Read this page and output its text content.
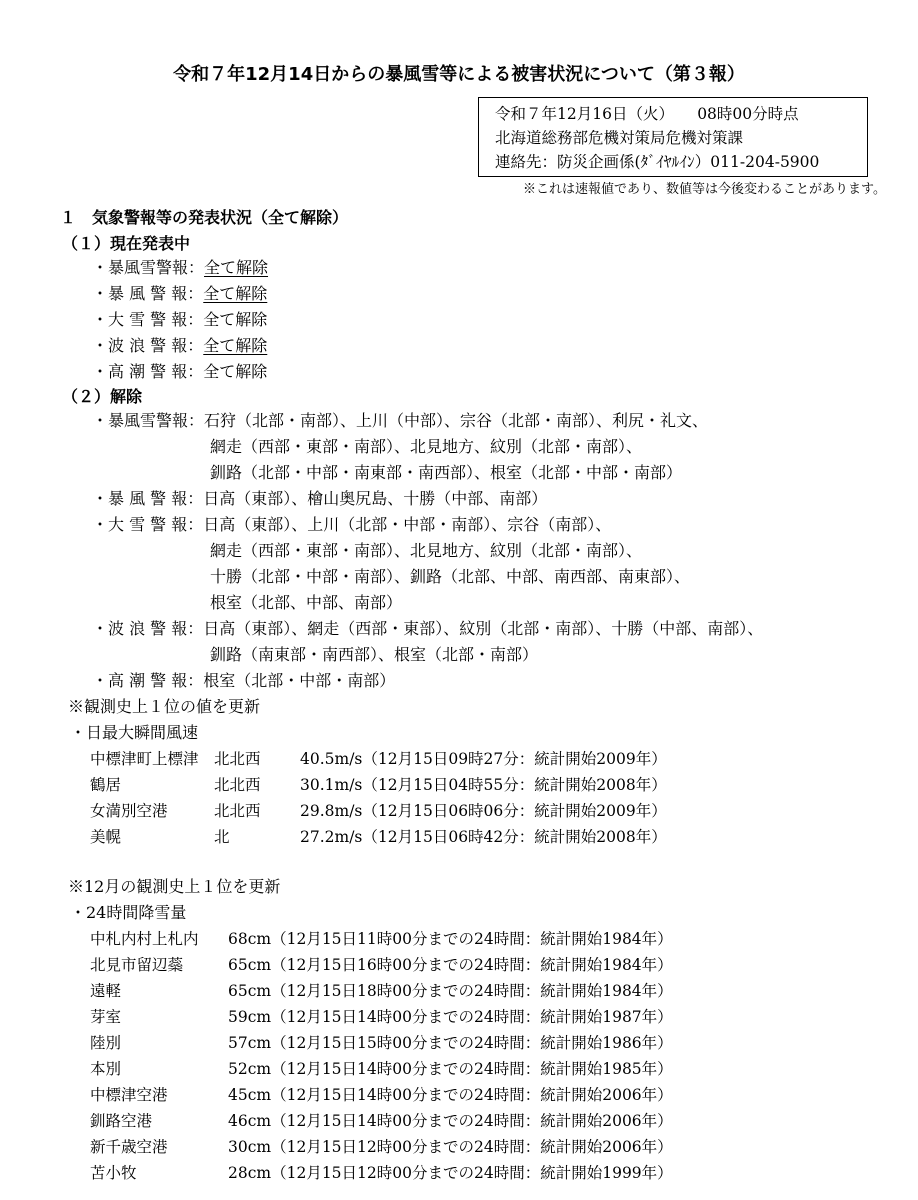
令和７年12月14日からの暴風雪等による被害状況について（第３報）
令和７年12月16日（火）　　08時00分時点
北海道総務部危機対策局危機対策課
連絡先：防災企画係(ﾀﾞｲﾔﾙｲﾝ）011-204-5900
※これは速報値であり、数値等は今後変わることがあります。
１　気象警報等の発表状況（全て解除）
（１）現在発表中
・暴風雪警報：全て解除
・暴 風 警 報：全て解除
・大 雪 警 報：全て解除
・波 浪 警 報：全て解除
・高 潮 警 報：全て解除
（２）解除
・暴風雪警報：石狩（北部・南部）、上川（中部）、宗谷（北部・南部）、利尻・礼文、
網走（西部・東部・南部）、北見地方、紋別（北部・南部）、
釧路（北部・中部・南東部・南西部）、根室（北部・中部・南部）
・暴 風 警 報：日高（東部）、檜山奥尻島、十勝（中部、南部）
・大 雪 警 報：日高（東部）、上川（北部・中部・南部）、宗谷（南部）、
網走（西部・東部・南部）、北見地方、紋別（北部・南部）、
十勝（北部・中部・南部）、釧路（北部、中部、南西部、南東部）、
根室（北部、中部、南部）
・波 浪 警 報：日高（東部）、網走（西部・東部）、紋別（北部・南部）、十勝（中部、南部）、
釧路（南東部・南西部）、根室（北部・南部）
・高 潮 警 報：根室（北部・中部・南部）
※観測史上１位の値を更新
・日最大瞬間風速
中標津町上標津 北北西	40.5m/s（12月15日09時27分：統計開始2009年）
鶴居	北北西	30.1m/s（12月15日04時55分：統計開始2008年）
女満別空港	北北西	29.8m/s（12月15日06時06分：統計開始2009年）
美幌	北	27.2m/s（12月15日06時42分：統計開始2008年）
※12月の観測史上１位を更新
・24時間降雪量
中札内村上札内 68cm（12月15日11時00分までの24時間：統計開始1984年）
北見市留辺蘂	65cm（12月15日16時00分までの24時間：統計開始1984年）
遠軽	65cm（12月15日18時00分までの24時間：統計開始1984年）
芽室	59cm（12月15日14時00分までの24時間：統計開始1987年）
陸別	57cm（12月15日15時00分までの24時間：統計開始1986年）
本別	52cm（12月15日14時00分までの24時間：統計開始1985年）
中標津空港	45cm（12月15日14時00分までの24時間：統計開始2006年）
釧路空港	46cm（12月15日14時00分までの24時間：統計開始2006年）
新千歳空港	30cm（12月15日12時00分までの24時間：統計開始2006年）
苫小牧	28cm（12月15日12時00分までの24時間：統計開始1999年）
